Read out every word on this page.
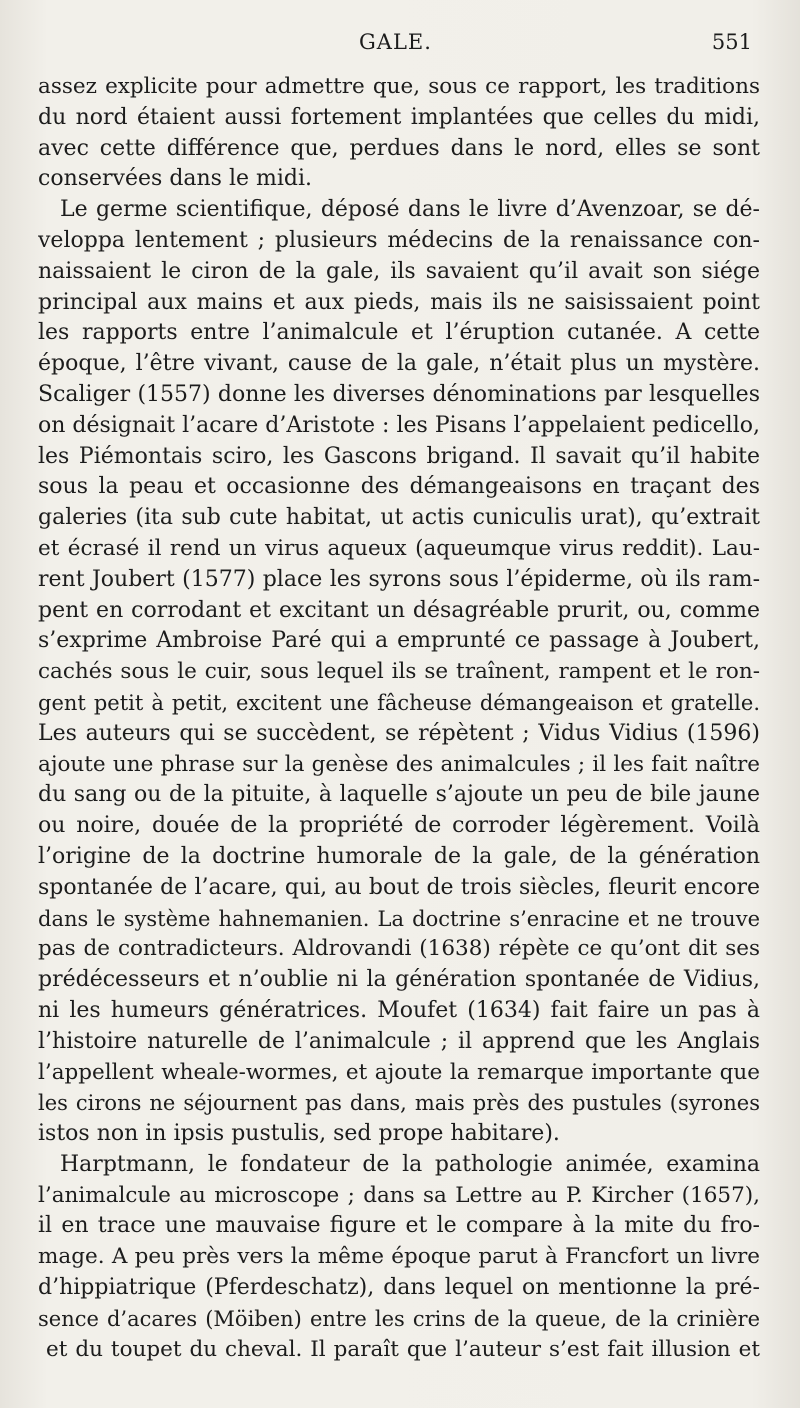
GALE.	551
assez explicite pour admettre que, sous ce rapport, les traditions
du nord étaient aussi fortement implantées que celles du midi,
avec cette différence que, perdues dans le nord, elles se sont
conservées dans le midi.
Le germe scientifique, déposé dans le livre d’Avenzoar, se dé-
veloppa lentement ; plusieurs médecins de la renaissance con-
naissaient le ciron de la gale, ils savaient qu’il avait son siége
principal aux mains et aux pieds, mais ils ne saisissaient point
les rapports entre l’animalcule et l’éruption cutanée. A cette
époque, l’être vivant, cause de la gale, n’était plus un mystère.
Scaliger (1557) donne les diverses dénominations par lesquelles
on désignait l’acare d’Aristote : les Pisans l’appelaient pedicello,
les Piémontais sciro, les Gascons brigand. Il savait qu’il habite
sous la peau et occasionne des démangeaisons en traçant des
galeries (ita sub cute habitat, ut actis cuniculis urat), qu’extrait
et écrasé il rend un virus aqueux (aqueumque virus reddit). Lau-
rent Joubert (1577) place les syrons sous l’épiderme, où ils ram-
pent en corrodant et excitant un désagréable prurit, ou, comme
s’exprime Ambroise Paré qui a emprunté ce passage à Joubert,
cachés sous le cuir, sous lequel ils se traînent, rampent et le ron-
gent petit à petit, excitent une fâcheuse démangeaison et gratelle.
Les auteurs qui se succèdent, se répètent ; Vidus Vidius (1596)
ajoute une phrase sur la genèse des animalcules ; il les fait naître
du sang ou de la pituite, à laquelle s’ajoute un peu de bile jaune
ou noire, douée de la propriété de corroder légèrement. Voilà
l’origine de la doctrine humorale de la gale, de la génération
spontanée de l’acare, qui, au bout de trois siècles, fleurit encore
dans le système hahnemanien. La doctrine s’enracine et ne trouve
pas de contradicteurs. Aldrovandi (1638) répète ce qu’ont dit ses
prédécesseurs et n’oublie ni la génération spontanée de Vidius,
ni les humeurs génératrices. Moufet (1634) fait faire un pas à
l’histoire naturelle de l’animalcule ; il apprend que les Anglais
l’appellent wheale-wormes, et ajoute la remarque importante que
les cirons ne séjournent pas dans, mais près des pustules (syrones
istos non in ipsis pustulis, sed prope habitare).
Harptmann, le fondateur de la pathologie animée, examina
l’animalcule au microscope ; dans sa Lettre au P. Kircher (1657),
il en trace une mauvaise figure et le compare à la mite du fro-
mage. A peu près vers la même époque parut à Francfort un livre
d’hippiatrique (Pferdeschatz), dans lequel on mentionne la pré-
sence d’acares (Möiben) entre les crins de la queue, de la crinière
et du toupet du cheval. Il paraît que l’auteur s’est fait illusion et
